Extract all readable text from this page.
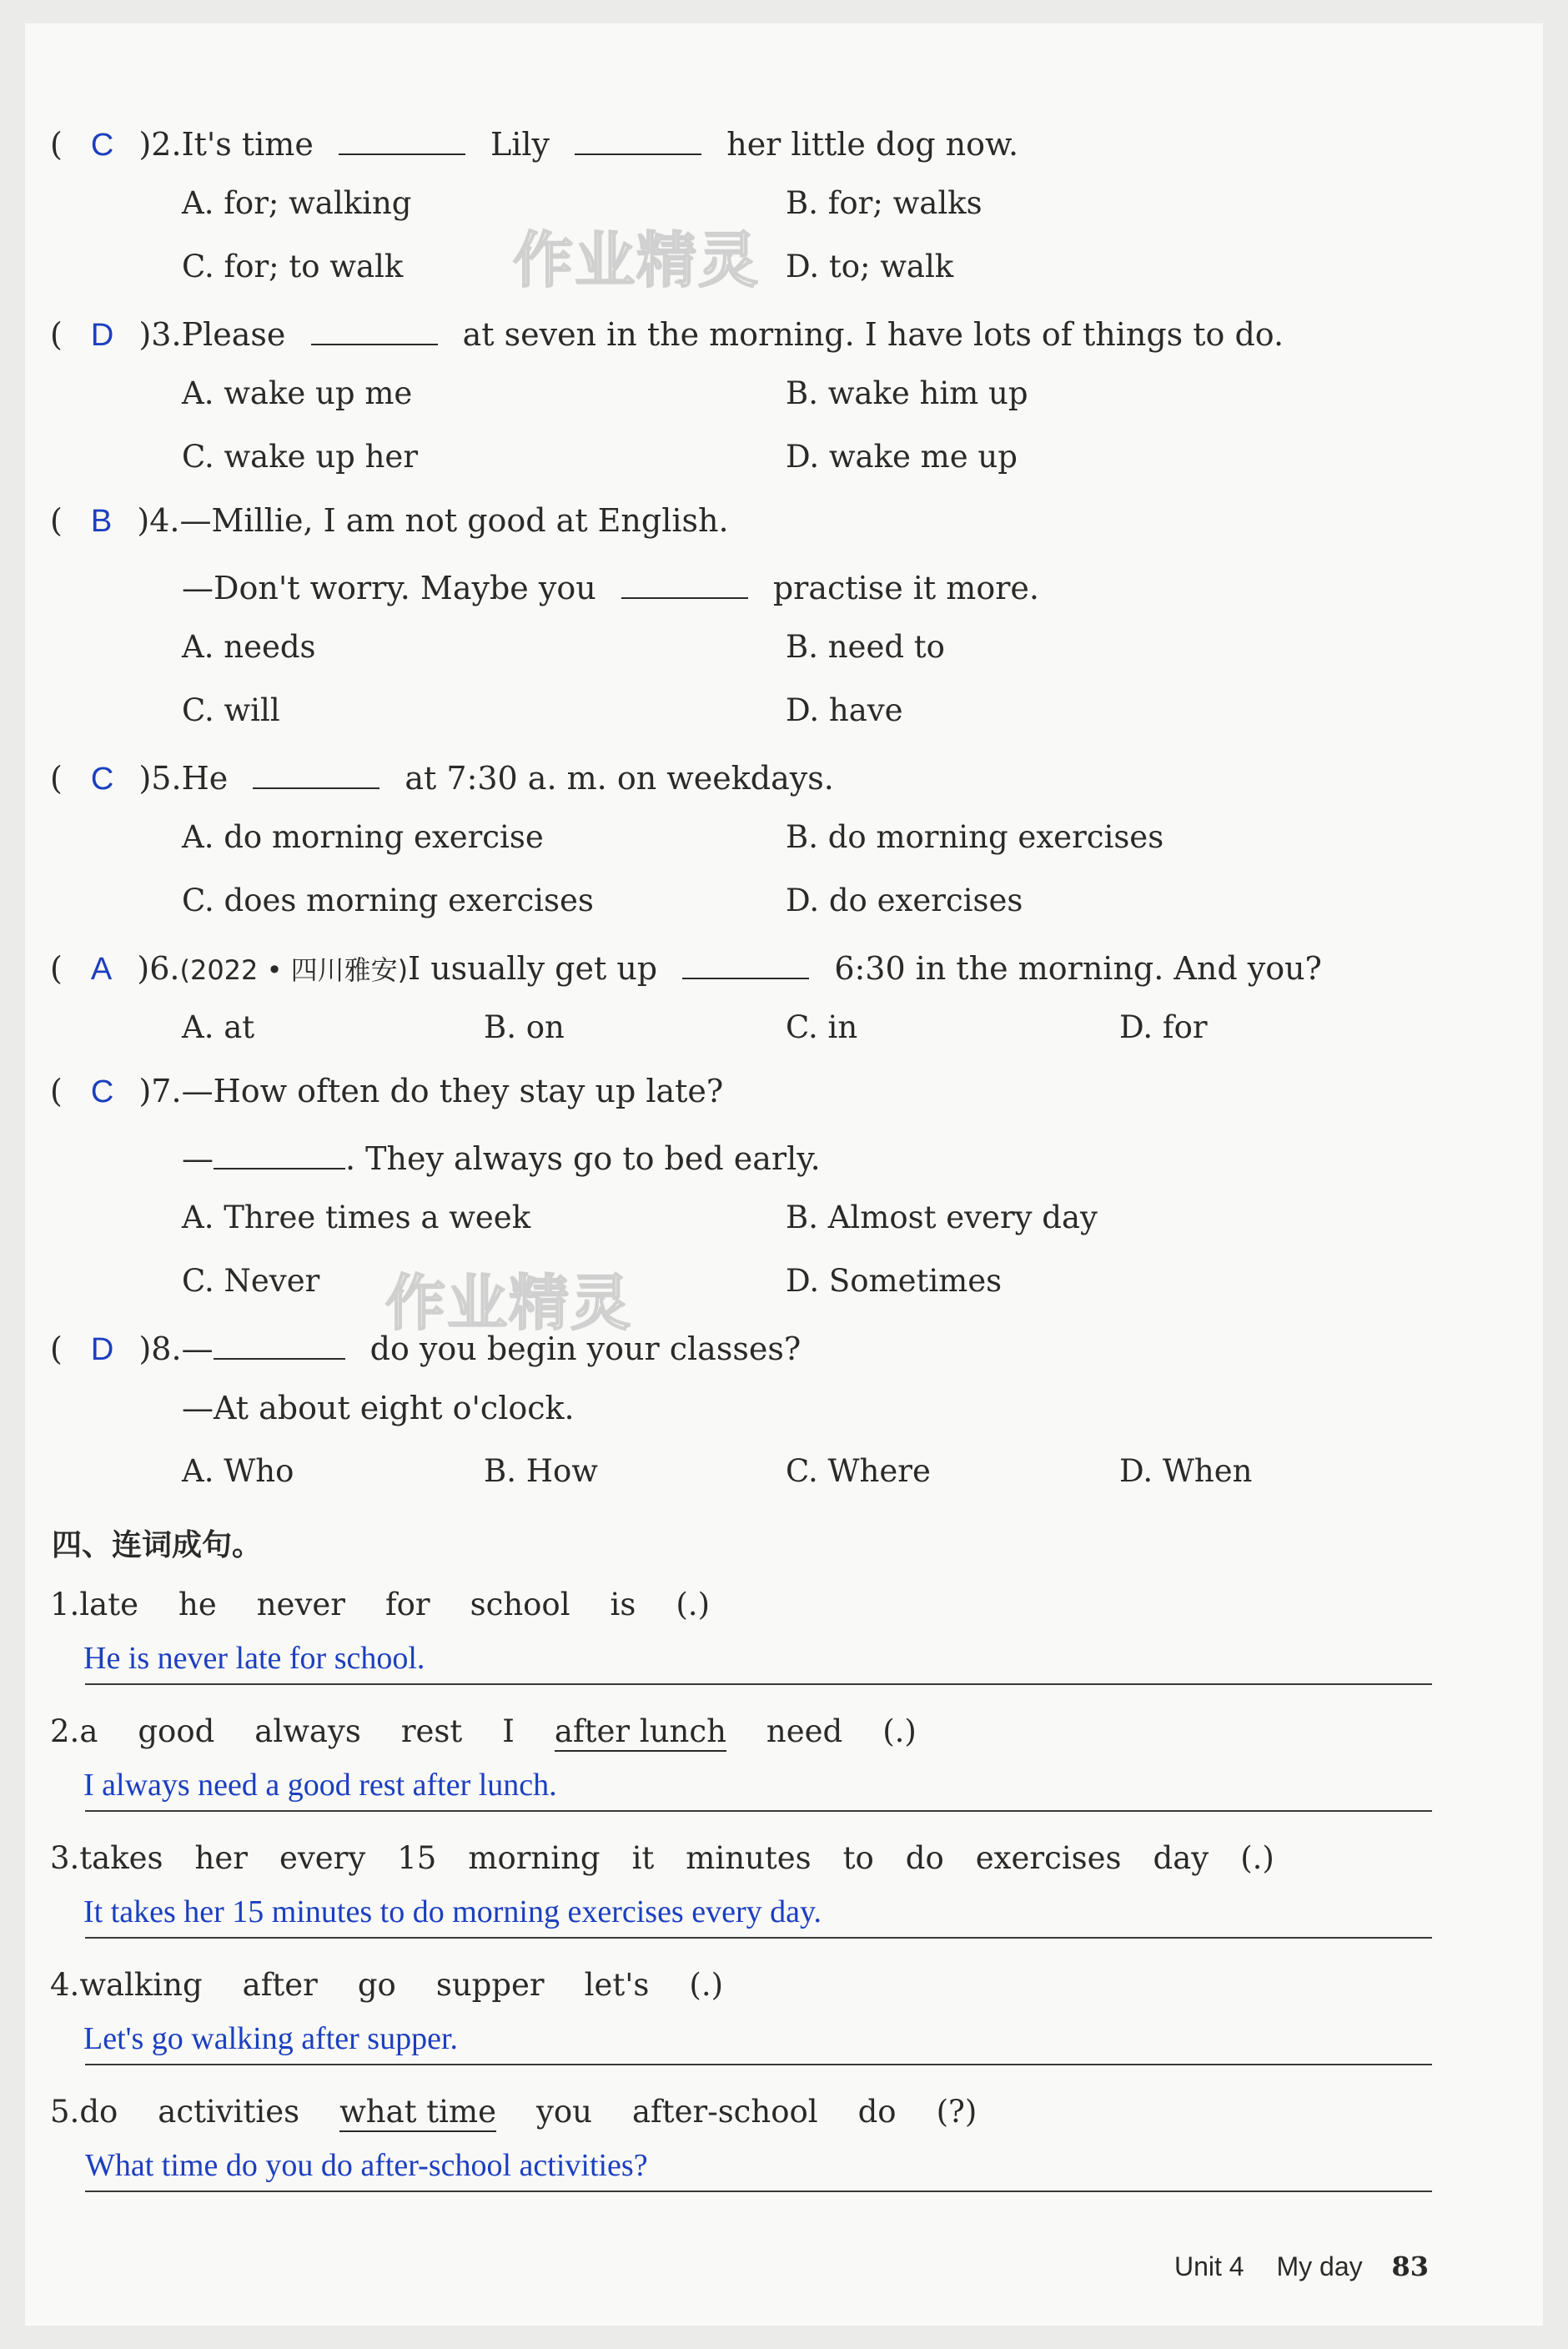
( C )2.It's time	Lily	her little dog now.
A. for; walking	B. for; walks
C. for; to walk	D. to; walk
作业精灵
( D )3.Please	at seven in the morning. I have lots of things to do.
A. wake up me	B. wake him up
C. wake up her	D. wake me up
( B )4.—Millie, I am not good at English.
—Don't worry. Maybe you	practise it more.
A. needs	B. need to
C. will	D. have
( C )5.He	at 7:30 a. m. on weekdays.
A. do morning exercise	B. do morning exercises
C. does morning exercises	D. do exercises
( A )6.(2022 • 四川雅安)I usually get up	6:30 in the morning. And you?
A. at	B. on	C. in	D. for
( C )7.—How often do they stay up late?
—	. They always go to bed early.
A. Three times a week	B. Almost every day
C. Never	D. Sometimes
作业精灵
( D )8.—	do you begin your classes?
—At about eight o'clock.
A. Who	B. How	C. Where	D. When
四、连词成句。
1.late he never for school is (.)
He is never late for school.
2.a good always rest I after lunch need (.)
I always need a good rest after lunch.
3.takes her every 15 morning it minutes to do exercises day (.)
It takes her 15 minutes to do morning exercises every day.
4.walking after go supper let's (.)
Let's go walking after supper.
5.do activities what time you after-school do (?)
What time do you do after-school activities?
Unit 4 My day 83
